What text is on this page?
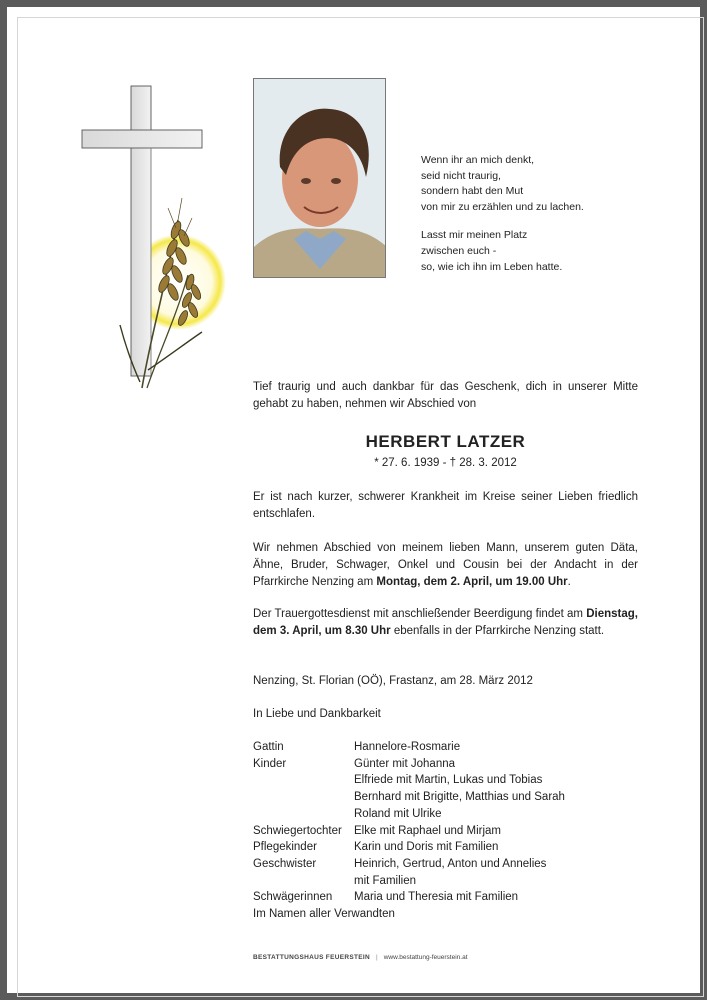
Wenn ihr an mich denkt,

seid nicht traurig,

sondern habt den Mut

von mir zu erzählen und zu lachen.

Lasst mir meinen Platz

zwischen euch -

so, wie ich ihn im Leben hatte.

Tief traurig und auch dankbar für das Geschenk, dich in unserer Mitte gehabt zu haben, nehmen wir Abschied von
HERBERT LATZER
* 27. 6. 1939 - † 28. 3. 2012

Er ist nach kurzer, schwerer Krankheit im Kreise seiner Lieben friedlich entschlafen.

Wir nehmen Abschied von meinem lieben Mann, unserem guten Däta, Ähne, Bruder, Schwager, Onkel und Cousin bei der Andacht in der Pfarrkirche Nenzing am Montag, dem 2. April, um 19.00 Uhr.

Der Trauergottesdienst mit anschließender Beerdigung findet am Dienstag, dem 3. April, um 8.30 Uhr ebenfalls in der Pfarrkirche Nenzing statt.

Nenzing, St. Florian (OÖ), Frastanz, am 28. März 2012

In Liebe und Dankbarkeit

Gattin	Hannelore-Rosmarie
Kinder	Günter mit Johanna
Elfriede mit Martin, Lukas und Tobias
Bernhard mit Brigitte, Matthias und Sarah
Roland mit Ulrike
Schwiegertochter	Elke mit Raphael und Mirjam
Pflegekinder	Karin und Doris mit Familien
Geschwister	Heinrich, Gertrud, Anton und Annelies
mit Familien
Schwägerinnen	Maria und Theresia mit Familien
Im Namen aller Verwandten
BESTATTUNGSHAUS FEUERSTEIN | www.bestattung-feuerstein.at
